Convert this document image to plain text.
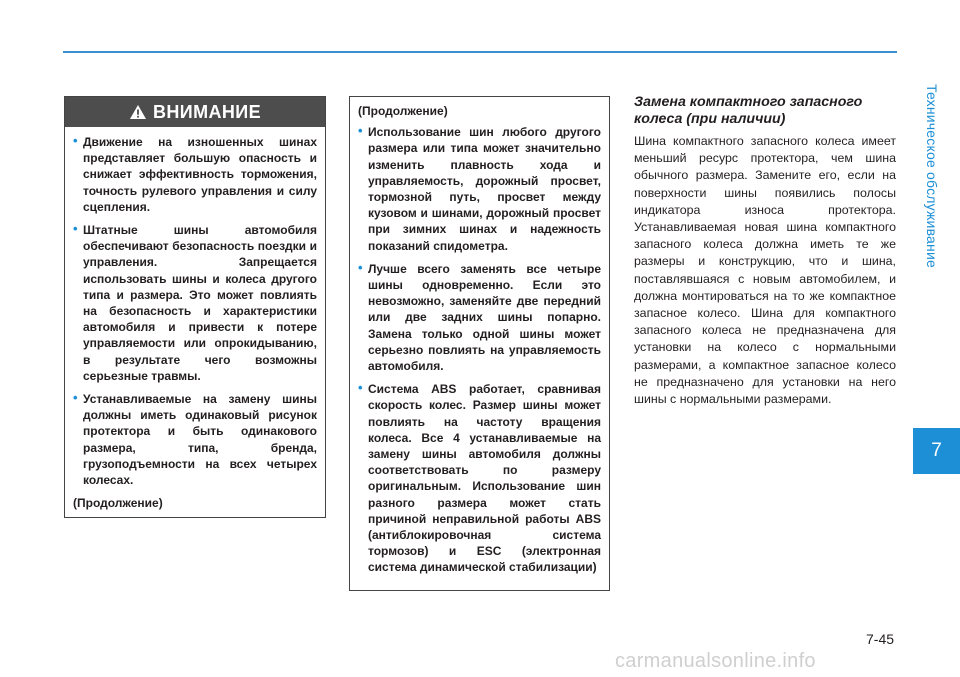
Техническое обслуживание
7
ВНИМАНИЕ
• Движение на изношенных шинах представляет большую опасность и снижает эффективность торможения, точность рулевого управления и силу сцепления.
• Штатные шины автомобиля обеспечивают безопасность поездки и управления. Запрещается использовать шины и колеса другого типа и размера. Это может повлиять на безопасность и характеристики автомобиля и привести к потере управляемости или опрокидыванию, в результате чего возможны серьезные травмы.
• Устанавливаемые на замену шины должны иметь одинаковый рисунок протектора и быть одинакового размера, типа, брендa, грузоподъемности на всех четырех колесах.
(Продолжение)
(Продолжение)
• Использование шин любого другого размера или типа может значительно изменить плавность хода и управляемость, дорожный просвет, тормозной путь, просвет между кузовом и шинами, дорожный просвет при зимних шинах и надежность показаний спидометра.
• Лучше всего заменять все четыре шины одновременно. Если это невозможно, заменяйте две передний или две задних шины попарно. Замена только одной шины может серьезно повлиять на управляемость автомобиля.
• Система ABS работает, сравнивая скорость колес. Размер шины может повлиять на частоту вращения колеса. Все 4 устанавливаемые на замену шины автомобиля должны соответствовать по размеру оригинальным. Использование шин разного размера может стать причиной неправильной работы ABS (антиблокировочная система тормозов) и ESC (электронная система динамической стабилизации)
Замена компактного запасного колеса (при наличии)
Шина компактного запасного колеса имеет меньший ресурс протектора, чем шина обычного размера. Замените его, если на поверхности шины появились полосы индикатора износа протектора. Устанавливаемая новая шина компактного запасного колеса должна иметь те же размеры и конструкцию, что и шина, поставлявшаяся с новым автомобилем, и должна монтироваться на то же компактное запасное колесо. Шина для компактного запасного колеса не предназначена для установки на колесо с нормальными размерами, а компактное запасное колесо не предназначено для установки на него шины с нормальными размерами.
7-45
carmanualsonline.info
